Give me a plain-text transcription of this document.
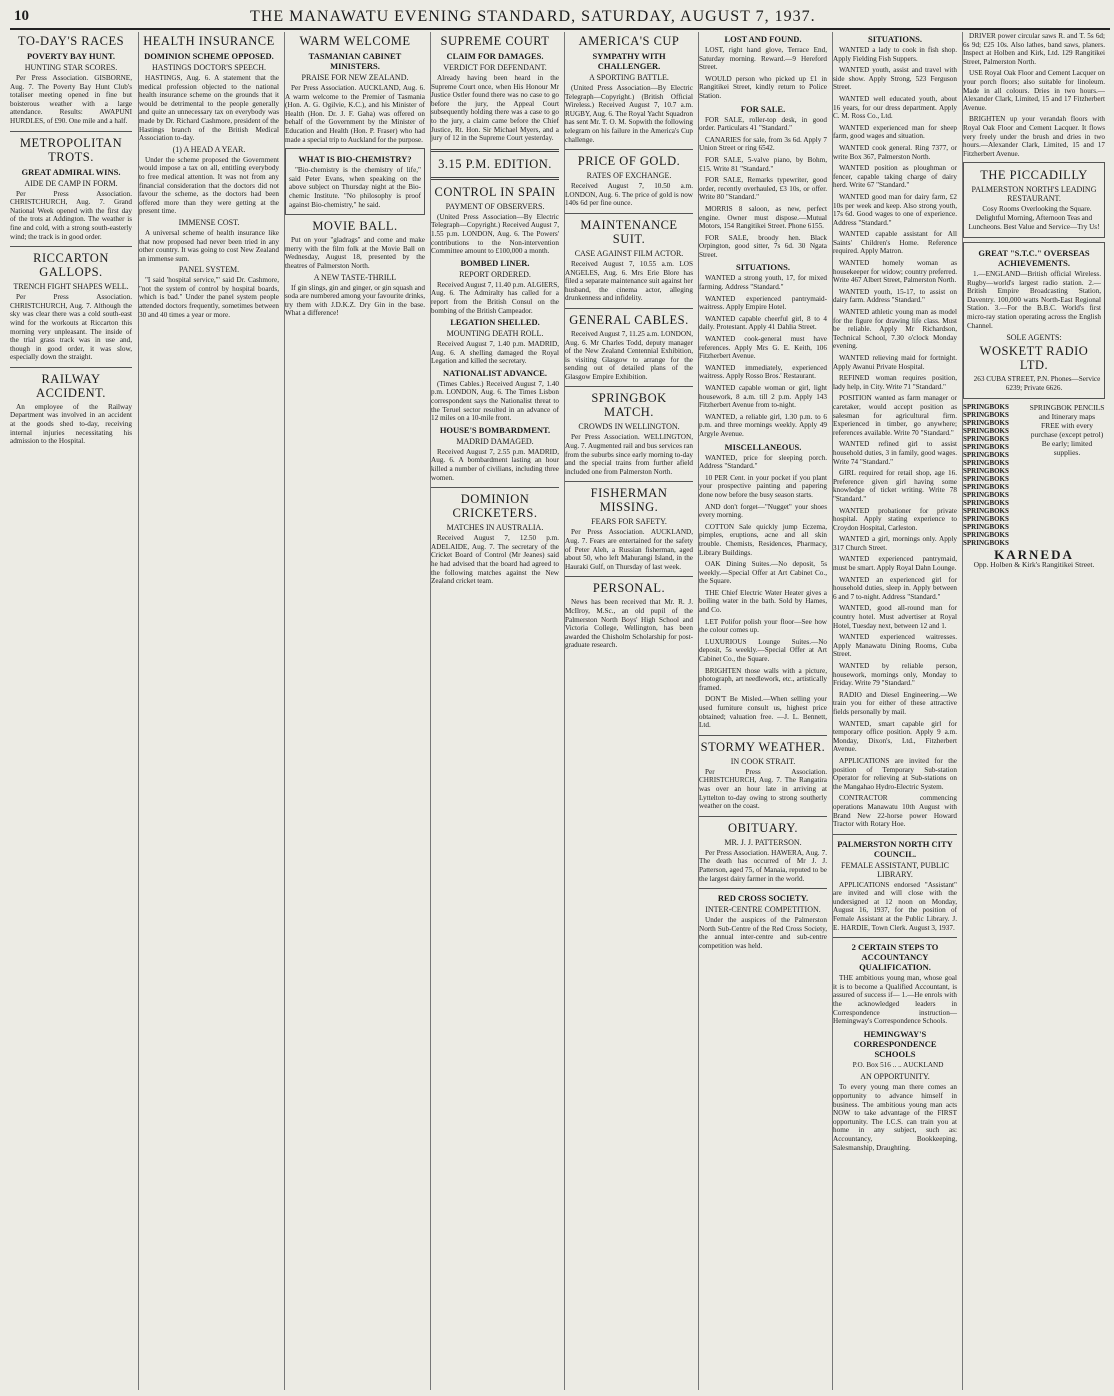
10	THE MANAWATU EVENING STANDARD, SATURDAY, AUGUST 7, 1937.
TO-DAY'S RACES
POVERTY BAY HUNT.
HUNTING STAR SCORES.

Per Press Association. GISBORNE, Aug. 7. The Poverty Bay Hunt Club's totaliser meeting opened in fine but boisterous weather with a large attendance. Results: AWAPUNI HURDLES, of £90. One mile and a half.

METROPOLITAN TROTS.
GREAT ADMIRAL WINS.
AIDE DE CAMP IN FORM.

Per Press Association. CHRISTCHURCH, Aug. 7. Grand National Week opened with the first day of the trots at Addington. The weather is fine and cold, with a strong south-easterly wind; the track is in good order.

RICCARTON GALLOPS.
TRENCH FIGHT SHAPES WELL.

Per Press Association. CHRISTCHURCH, Aug. 7. Although the sky was clear there was a cold south-east wind for the workouts at Riccarton this morning very unpleasant. The inside of the trial grass track was in use and, though in good order, it was slow, especially down the straight.

RAILWAY ACCIDENT.

An employee of the Railway Department was involved in an accident at the goods shed to-day, receiving internal injuries necessitating his admission to the Hospital.

HEALTH INSURANCE
DOMINION SCHEME OPPOSED.
HASTINGS DOCTOR'S SPEECH.

HASTINGS, Aug. 6. A statement that the medical profession objected to the national health insurance scheme on the grounds that it would be detrimental to the people generally and quite an unnecessary tax on everybody was made by Dr. Richard Cashmore, president of the Hastings branch of the British Medical Association to-day.

(1) A HEAD A YEAR.

Under the scheme proposed the Government would impose a tax on all, entitling everybody to free medical attention. It was not from any financial consideration that the doctors did not favour the scheme, as the doctors had been offered more than they were getting at the present time.

IMMENSE COST.

A universal scheme of health insurance like that now proposed had never been tried in any other country. It was going to cost New Zealand an immense sum.

PANEL SYSTEM.

"I said 'hospital service,'" said Dr. Cashmore, "not the system of control by hospital boards, which is bad." Under the panel system people attended doctors frequently, sometimes between 30 and 40 times a year or more.

WARM WELCOME
TASMANIAN CABINET MINISTERS.
PRAISE FOR NEW ZEALAND.

Per Press Association. AUCKLAND, Aug. 6. A warm welcome to the Premier of Tasmania (Hon. A. G. Ogilvie, K.C.), and his Minister of Health (Hon. Dr. J. F. Gaha) was offered on behalf of the Government by the Minister of Education and Health (Hon. P. Fraser) who had made a special trip to Auckland for the purpose.

WHAT IS BIO-CHEMISTRY?

"Bio-chemistry is the chemistry of life," said Peter Evans, when speaking on the above subject on Thursday night at the Bio-chemic Institute. "No philosophy is proof against Bio-chemistry," he said.

MOVIE BALL.

Put on your "gladrags" and come and make merry with the film folk at the Movie Ball on Wednesday, August 18, presented by the theatres of Palmerston North.

A NEW TASTE-THRILL

If gin slings, gin and ginger, or gin squash and soda are numbered among your favourite drinks, try them with J.D.K.Z. Dry Gin in the base. What a difference!

SUPREME COURT
CLAIM FOR DAMAGES.
VERDICT FOR DEFENDANT.

Already having been heard in the Supreme Court once, when His Honour Mr Justice Ostler found there was no case to go before the jury, the Appeal Court subsequently holding there was a case to go to the jury, a claim came before the Chief Justice, Rt. Hon. Sir Michael Myers, and a jury of 12 in the Supreme Court yesterday.

3.15 P.M. EDITION.
CONTROL IN SPAIN
PAYMENT OF OBSERVERS.

(United Press Association—By Electric Telegraph—Copyright.) Received August 7, 1.55 p.m. LONDON, Aug. 6. The Powers' contributions to the Non-intervention Committee amount to £100,000 a month.

BOMBED LINER.
REPORT ORDERED.

Received August 7, 11.40 p.m. ALGIERS, Aug. 6. The Admiralty has called for a report from the British Consul on the bombing of the British Campeador.

LEGATION SHELLED.
MOUNTING DEATH ROLL.

Received August 7, 1.40 p.m. MADRID, Aug. 6. A shelling damaged the Royal Legation and killed the secretary.

NATIONALIST ADVANCE.

(Times Cables.) Received August 7, 1.40 p.m. LONDON, Aug. 6. The Times Lisbon correspondent says the Nationalist threat to the Teruel sector resulted in an advance of 12 miles on a 10-mile front.

HOUSE'S BOMBARDMENT.
MADRID DAMAGED.

Received August 7, 2.55 p.m. MADRID, Aug. 6. A bombardment lasting an hour killed a number of civilians, including three women.

DOMINION CRICKETERS.
MATCHES IN AUSTRALIA.

Received August 7, 12.50 p.m. ADELAIDE, Aug. 7. The secretary of the Cricket Board of Control (Mr Jeanes) said he had advised that the board had agreed to the following matches against the New Zealand cricket team.

AMERICA'S CUP
SYMPATHY WITH CHALLENGER.
A SPORTING BATTLE.

(United Press Association—By Electric Telegraph—Copyright.) (British Official Wireless.) Received August 7, 10.7 a.m. RUGBY, Aug. 6. The Royal Yacht Squadron has sent Mr. T. O. M. Sopwith the following telegram on his failure in the America's Cup challenge.

PRICE OF GOLD.
RATES OF EXCHANGE.

Received August 7, 10.50 a.m. LONDON, Aug. 6. The price of gold is now 140s 6d per fine ounce.

MAINTENANCE SUIT.
CASE AGAINST FILM ACTOR.

Received August 7, 10.55 a.m. LOS ANGELES, Aug. 6. Mrs Erie Blore has filed a separate maintenance suit against her husband, the cinema actor, alleging drunkenness and infidelity.

GENERAL CABLES.

Received August 7, 11.25 a.m. LONDON, Aug. 6. Mr Charles Todd, deputy manager of the New Zealand Centennial Exhibition, is visiting Glasgow to arrange for the sending out of detailed plans of the Glasgow Empire Exhibition.

SPRINGBOK MATCH.
CROWDS IN WELLINGTON.

Per Press Association. WELLINGTON, Aug. 7. Augmented rail and bus services ran from the suburbs since early morning to-day and the special trains from further afield included one from Palmerston North.

FISHERMAN MISSING.
FEARS FOR SAFETY.

Per Press Association. AUCKLAND, Aug. 7. Fears are entertained for the safety of Peter Aleh, a Russian fisherman, aged about 50, who left Mahurangi Island, in the Hauraki Gulf, on Thursday of last week.

PERSONAL.

News has been received that Mr. R. J. McIlroy, M.Sc., an old pupil of the Palmerston North Boys' High School and Victoria College, Wellington, has been awarded the Chisholm Scholarship for post-graduate research.

LOST AND FOUND.

LOST, right hand glove, Terrace End, Saturday morning. Reward.—9 Hereford Street.

WOULD person who picked up £1 in Rangitikei Street, kindly return to Police Station.

FOR SALE.

FOR SALE, roller-top desk, in good order. Particulars 41 "Standard."

CANARIES for sale, from 3s 6d. Apply 7 Union Street or ring 6542.

FOR SALE, 5-valve piano, by Bohm, £15. Write 81 "Standard."

FOR SALE, Remarks typewriter, good order, recently overhauled, £3 10s, or offer. Write 80 "Standard."

MORRIS 8 saloon, as new, perfect engine. Owner must dispose.—Mutual Motors, 154 Rangitikei Street. Phone 6155.

FOR SALE, broody hen. Black Orpington, good sitter, 7s 6d. 30 Ngata Street.

SITUATIONS.

WANTED a strong youth, 17, for mixed farming. Address "Standard."

WANTED experienced pantrymaid-waitress. Apply Empire Hotel.

WANTED capable cheerful girl, 8 to 4 daily. Protestant. Apply 41 Dahlia Street.

WANTED cook-general must have references. Apply Mrs G. E. Keith, 106 Fitzherbert Avenue.

WANTED immediately, experienced waitress. Apply Rosso Bros.' Restaurant.

WANTED capable woman or girl, light housework, 8 a.m. till 2 p.m. Apply 143 Fitzherbert Avenue from to-night.

WANTED, a reliable girl, 1.30 p.m. to 6 p.m. and three mornings weekly. Apply 49 Argyle Avenue.

MISCELLANEOUS.

WANTED, price for sleeping porch. Address "Standard."

10 PER Cent. in your pocket if you plant your prospective painting and papering done now before the busy season starts.

AND don't forget—"Nugget" your shoes every morning.

COTTON Sale quickly jump Eczema, pimples, eruptions, acne and all skin trouble. Chemists, Residences, Pharmacy, Library Buildings.

OAK Dining Suites.—No deposit, 5s weekly.—Special Offer at Art Cabinet Co., the Square.

THE Chief Electric Water Heater gives a boiling water in the bath. Sold by Hames, and Co.

LET Polifor polish your floor—See how the colour comes up.

LUXURIOUS Lounge Suites.—No deposit, 5s weekly.—Special Offer at Art Cabinet Co., the Square.

BRIGHTEN those walls with a picture, photograph, art needlework, etc., artistically framed.

DON'T Be Misled.—When selling your used furniture consult us, highest price obtained; valuation free. —J. L. Bennett, Ltd.

STORMY WEATHER.
IN COOK STRAIT.

Per Press Association. CHRISTCHURCH, Aug. 7. The Rangatira was over an hour late in arriving at Lyttelton to-day owing to strong southerly weather on the coast.

OBITUARY.
MR. J. J. PATTERSON.

Per Press Association. HAWERA, Aug. 7. The death has occurred of Mr J. J. Patterson, aged 75, of Manaia, reputed to be the largest dairy farmer in the world.

RED CROSS SOCIETY.
INTER-CENTRE COMPETITION.

Under the auspices of the Palmerston North Sub-Centre of the Red Cross Society, the annual inter-centre and sub-centre competition was held.

SITUATIONS.

WANTED a lady to cook in fish shop. Apply Fielding Fish Suppers.

WANTED youth, assist and travel with side show. Apply Strong, 523 Ferguson Street.

WANTED well educated youth, about 16 years, for our dress department. Apply C. M. Ross Co., Ltd.

WANTED experienced man for sheep farm, good wages and situation.

WANTED cook general. Ring 7377, or write Box 367, Palmerston North.

WANTED position as ploughman or fencer, capable taking charge of dairy herd. Write 67 "Standard."

WANTED good man for dairy farm, £2 10s per week and keep. Also strong youth, 17s 6d. Good wages to one of experience. Address "Standard."

WANTED capable assistant for All Saints' Children's Home. Reference required. Apply Matron.

WANTED homely woman as housekeeper for widow; country preferred. Write 467 Albert Street, Palmerston North.

WANTED youth, 15-17, to assist on dairy farm. Address "Standard."

WANTED athletic young man as model for the figure for drawing life class. Must be reliable. Apply Mr Richardson, Technical School, 7.30 o'clock Monday evening.

WANTED relieving maid for fortnight. Apply Awanui Private Hospital.

REFINED woman requires position, lady help, in City. Write 71 "Standard."

POSITION wanted as farm manager or caretaker, would accept position as salesman for agricultural firm. Experienced in timber, go anywhere; references available. Write 70 "Standard."

WANTED refined girl to assist household duties, 3 in family, good wages. Write 74 "Standard."

GIRL required for retail shop, age 16. Preference given girl having some knowledge of ticket writing. Write 78 "Standard."

WANTED probationer for private hospital. Apply stating experience to Croydon Hospital, Carleston.

WANTED a girl, mornings only. Apply 317 Church Street.

WANTED experienced pantrymaid, must be smart. Apply Royal Dahn Lounge.

WANTED an experienced girl for household duties, sleep in. Apply between 6 and 7 to-night. Address "Standard."

WANTED, good all-round man for country hotel. Must advertiser at Royal Hotel, Tuesday next, between 12 and 1.

WANTED experienced waitresses. Apply Manawatu Dining Rooms, Cuba Street.

WANTED by reliable person, housework, mornings only, Monday to Friday. Write 79 "Standard."

RADIO and Diesel Engineering.—We train you for either of these attractive fields personally by mail.

WANTED, smart capable girl for temporary office position. Apply 9 a.m. Monday, Dixon's, Ltd., Fitzherbert Avenue.

APPLICATIONS are invited for the position of Temporary Sub-station Operator for relieving at Sub-stations on the Mangahao Hydro-Electric System.

CONTRACTOR commencing operations Manawatu 10th August with Brand New 22-horse power Howard Tractor with Rotary Hoe.

PALMERSTON NORTH CITY COUNCIL.
FEMALE ASSISTANT, PUBLIC LIBRARY.

APPLICATIONS endorsed "Assistant" are invited and will close with the undersigned at 12 noon on Monday, August 16, 1937, for the position of Female Assistant at the Public Library. J. E. HARDIE, Town Clerk. August 3, 1937.

2 CERTAIN STEPS TO ACCOUNTANCY QUALIFICATION.

THE ambitious young man, whose goal it is to become a Qualified Accountant, is assured of success if— 1.—He enrols with the acknowledged leaders in Correspondence instruction—Hemingway's Correspondence Schools.

HEMINGWAY'S CORRESPONDENCE SCHOOLS

P.O. Box 516 .. .. AUCKLAND

AN OPPORTUNITY.

To every young man there comes an opportunity to advance himself in business. The ambitious young man acts NOW to take advantage of the FIRST opportunity. The I.C.S. can train you at home in any subject, such as: Accountancy, Bookkeeping, Salesmanship, Draughting.

DRIVER power circular saws R. and T. 5s 6d; 6s 9d; £25 10s. Also lathes, band saws, planers. Inspect at Holben and Kirk, Ltd. 129 Rangitikei Street, Palmerston North.

USE Royal Oak Floor and Cement Lacquer on your porch floors; also suitable for linoleum. Made in all colours. Dries in two hours.—Alexander Clark, Limited, 15 and 17 Fitzherbert Avenue.

BRIGHTEN up your verandah floors with Royal Oak Floor and Cement Lacquer. It flows very freely under the brush and dries in two hours.—Alexander Clark, Limited, 15 and 17 Fitzherbert Avenue.

THE PICCADILLY
PALMERSTON NORTH'S LEADING RESTAURANT.

Cosy Rooms Overlooking the Square. Delightful Morning, Afternoon Teas and Luncheons. Best Value and Service—Try Us!

GREAT "S.T.C." OVERSEAS ACHIEVEMENTS.

1.—ENGLAND—British official Wireless. Rugby—world's largest radio station. 2.—British Empire Broadcasting Station, Daventry. 100,000 watts North-East Regional Station. 3.—For the B.B.C. World's first micro-ray station operating across the English Channel.

SOLE AGENTS:
WOSKETT RADIO LTD.

263 CUBA STREET, P.N. Phones—Service 6239; Private 6626.

SPRINGBOKS
SPRINGBOKS
SPRINGBOKS
SPRINGBOKS
SPRINGBOKS
SPRINGBOKS
SPRINGBOKS
SPRINGBOKS
SPRINGBOKS
SPRINGBOKS
SPRINGBOKS
SPRINGBOKS
SPRINGBOKS
SPRINGBOKS
SPRINGBOKS
SPRINGBOKS
SPRINGBOKS
SPRINGBOKS
SPRINGBOK PENCILS and Itinerary maps FREE with every purchase (except petrol) Be early; limited supplies.
KARNEDA
Opp. Holben & Kirk's Rangitikei Street.
